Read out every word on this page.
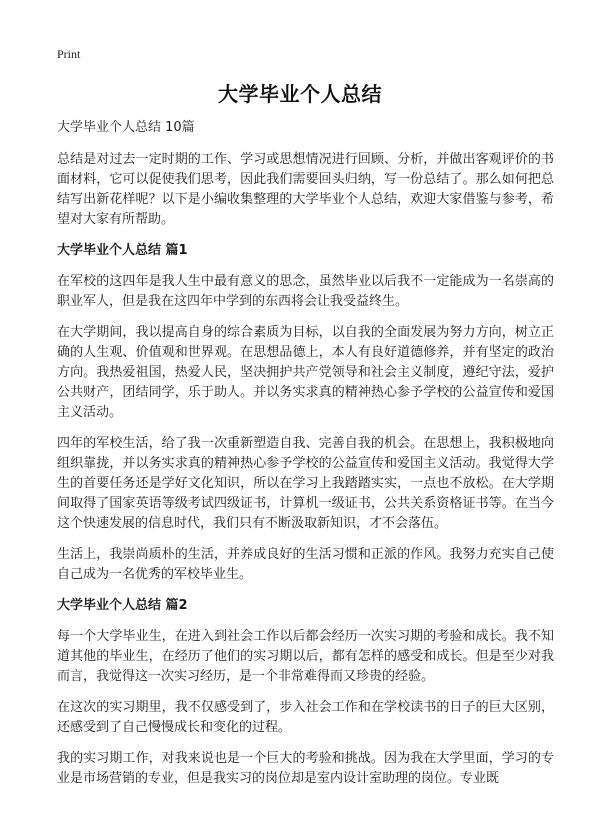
Print
大学毕业个人总结
大学毕业个人总结 10篇

总结是对过去一定时期的工作、学习或思想情况进行回顾、分析，并做出客观评价的书面材料，它可以促使我们思考，因此我们需要回头归纳，写一份总结了。那么如何把总结写出新花样呢？以下是小编收集整理的大学毕业个人总结，欢迎大家借鉴与参考，希望对大家有所帮助。

大学毕业个人总结 篇1

在军校的这四年是我人生中最有意义的思念，虽然毕业以后我不一定能成为一名崇高的职业军人，但是我在这四年中学到的东西将会让我受益终生。

在大学期间，我以提高自身的综合素质为目标，以自我的全面发展为努力方向，树立正确的人生观、价值观和世界观。在思想品德上，本人有良好道德修养，并有坚定的政治方向。我热爱祖国，热爱人民，坚决拥护共产党领导和社会主义制度，遵纪守法，爱护公共财产，团结同学，乐于助人。并以务实求真的精神热心参予学校的公益宣传和爱国主义活动。

四年的军校生活，给了我一次重新塑造自我、完善自我的机会。在思想上，我积极地向组织靠拢，并以务实求真的精神热心参予学校的公益宣传和爱国主义活动。我觉得大学生的首要任务还是学好文化知识，所以在学习上我踏踏实实，一点也不放松。在大学期间取得了国家英语等级考试四级证书，计算机一级证书，公共关系资格证书等。在当今这个快速发展的信息时代，我们只有不断汲取新知识，才不会落伍。

生活上，我崇尚质朴的生活，并养成良好的生活习惯和正派的作风。我努力充实自己使自己成为一名优秀的军校毕业生。

大学毕业个人总结 篇2

每一个大学毕业生，在进入到社会工作以后都会经历一次实习期的考验和成长。我不知道其他的毕业生，在经历了他们的实习期以后，都有怎样的感受和成长。但是至少对我而言，我觉得这一次实习经历，是一个非常难得而又珍贵的经验。

在这次的实习期里，我不仅感受到了，步入社会工作和在学校读书的日子的巨大区别，还感受到了自己慢慢成长和变化的过程。

我的实习期工作，对我来说也是一个巨大的考验和挑战。因为我在大学里面，学习的专业是市场营销的专业，但是我实习的岗位却是室内设计室助理的岗位。专业既
